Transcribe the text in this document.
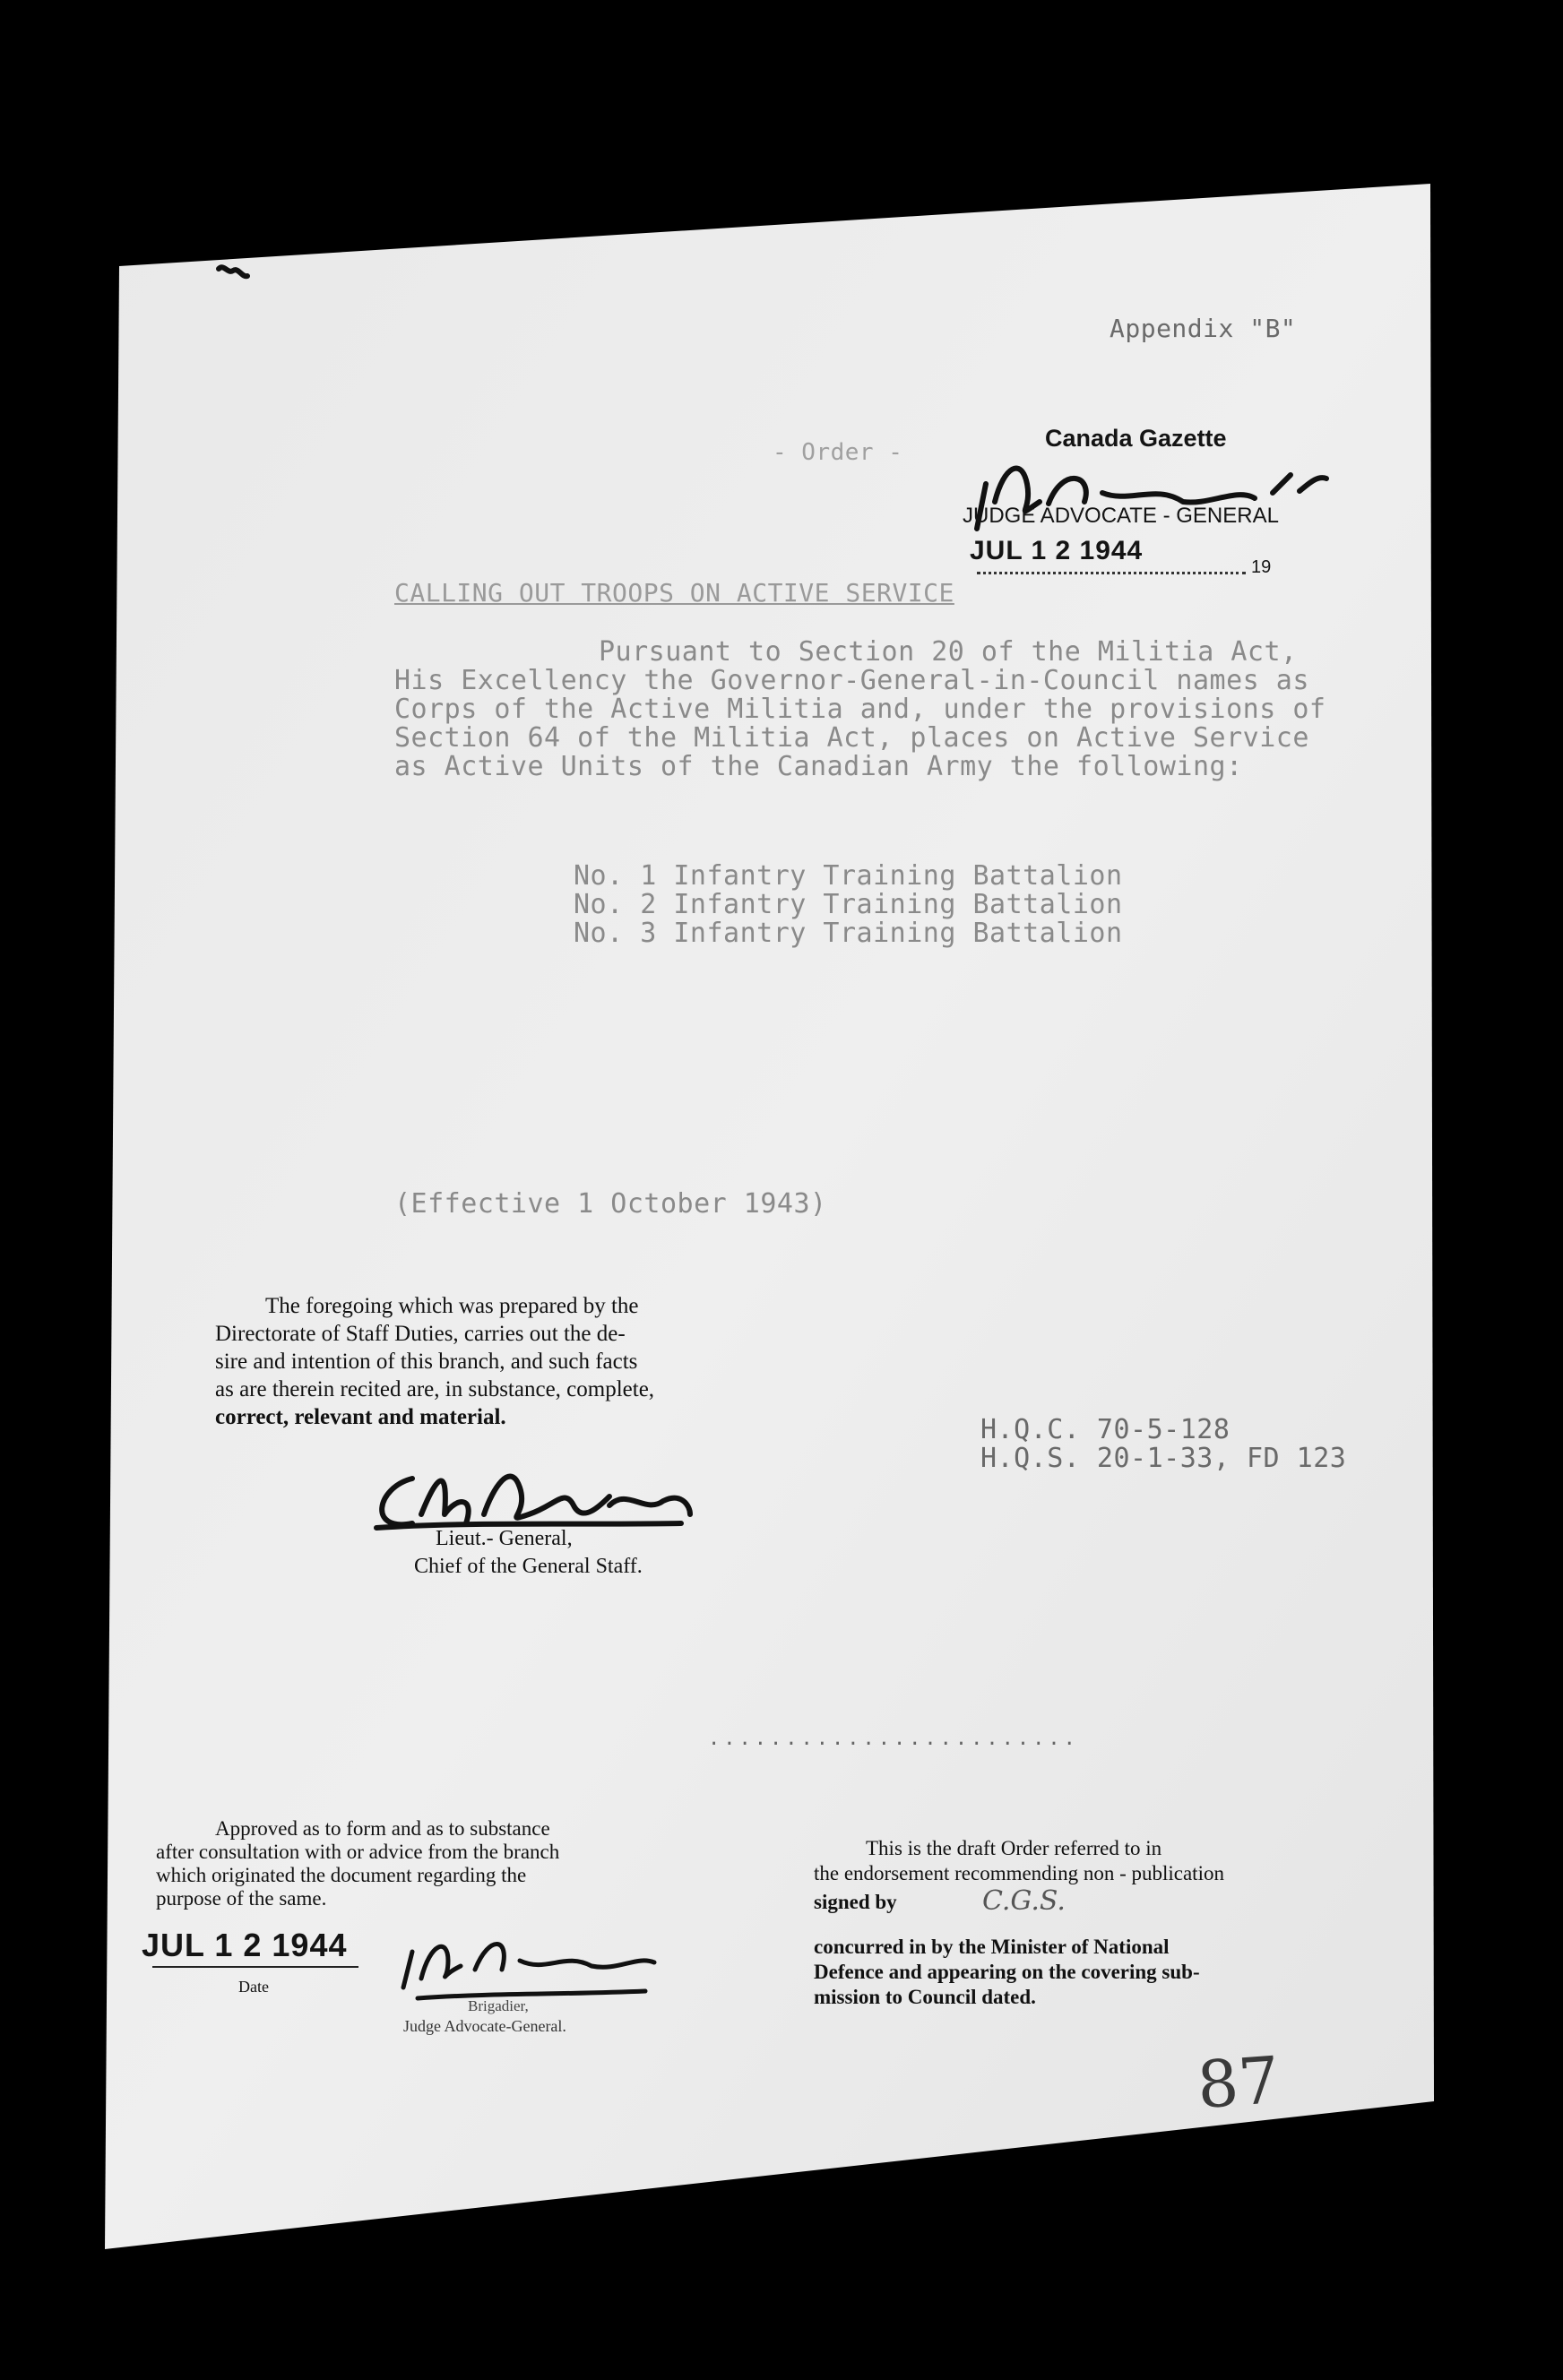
Appendix "B"
- Order -
Canada Gazette
JUDGE ADVOCATE - GENERAL
JUL 1 2 1944
19
CALLING OUT TROOPS ON ACTIVE SERVICE
Pursuant to Section 20 of the Militia Act,
His Excellency the Governor-General-in-Council names as
Corps of the Active Militia and, under the provisions of
Section 64 of the Militia Act, places on Active Service
as Active Units of the Canadian Army the following:
No. 1 Infantry Training Battalion
No. 2 Infantry Training Battalion
No. 3 Infantry Training Battalion
(Effective 1 October 1943)
The foregoing which was prepared by the
Directorate of Staff Duties, carries out the de-
sire and intention of this branch, and such facts
as are therein recited are, in substance, complete,
correct, relevant and material.
Lieut.- General,
Chief of the General Staff.
H.Q.C. 70-5-128
H.Q.S. 20-1-33, FD 123
........................
Approved as to form and as to substance
after consultation with or advice from the branch
which originated the document regarding the
purpose of the same.
JUL 1 2 1944
Date
Brigadier,
Judge Advocate-General.
This is the draft Order referred to in
the endorsement recommending non - publication
signed by	C.G.S.
concurred in by the Minister of National
Defence and appearing on the covering sub-
mission to Council dated.
87
